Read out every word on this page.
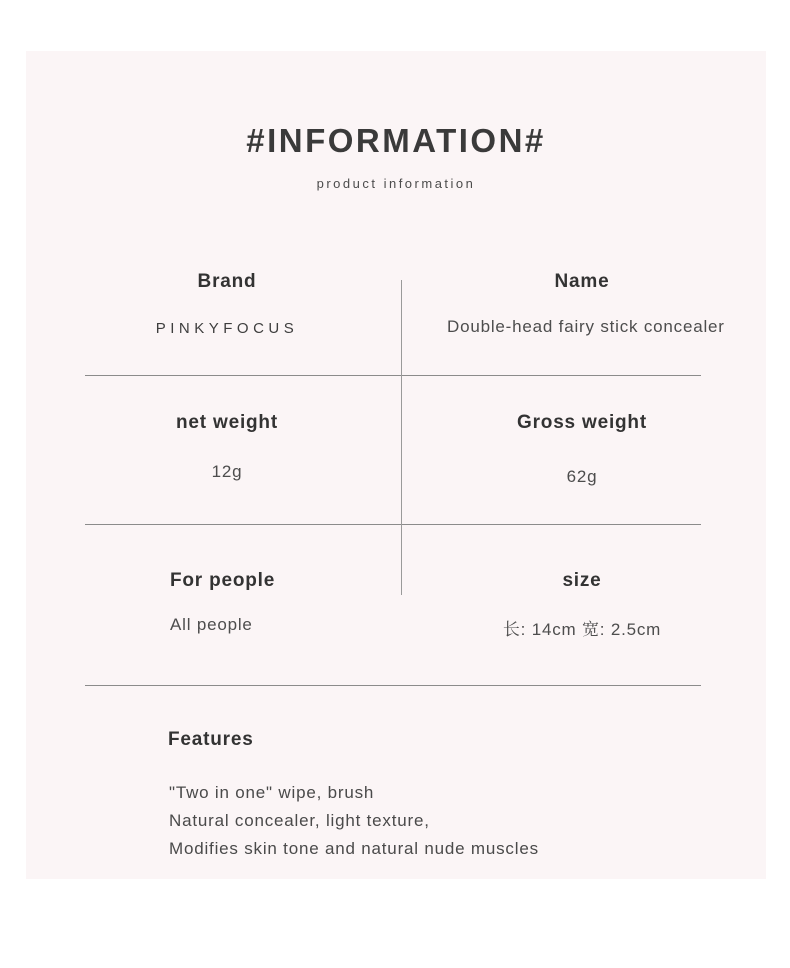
#INFORMATION#
product information
Brand	Name
PINKYFOCUS	Double-head fairy stick concealer
net weight	Gross weight
12g	62g
For people	size
All people	长: 14cm 宽: 2.5cm
Features
"Two in one" wipe, brush
Natural concealer, light texture,
Modifies skin tone and natural nude muscles
